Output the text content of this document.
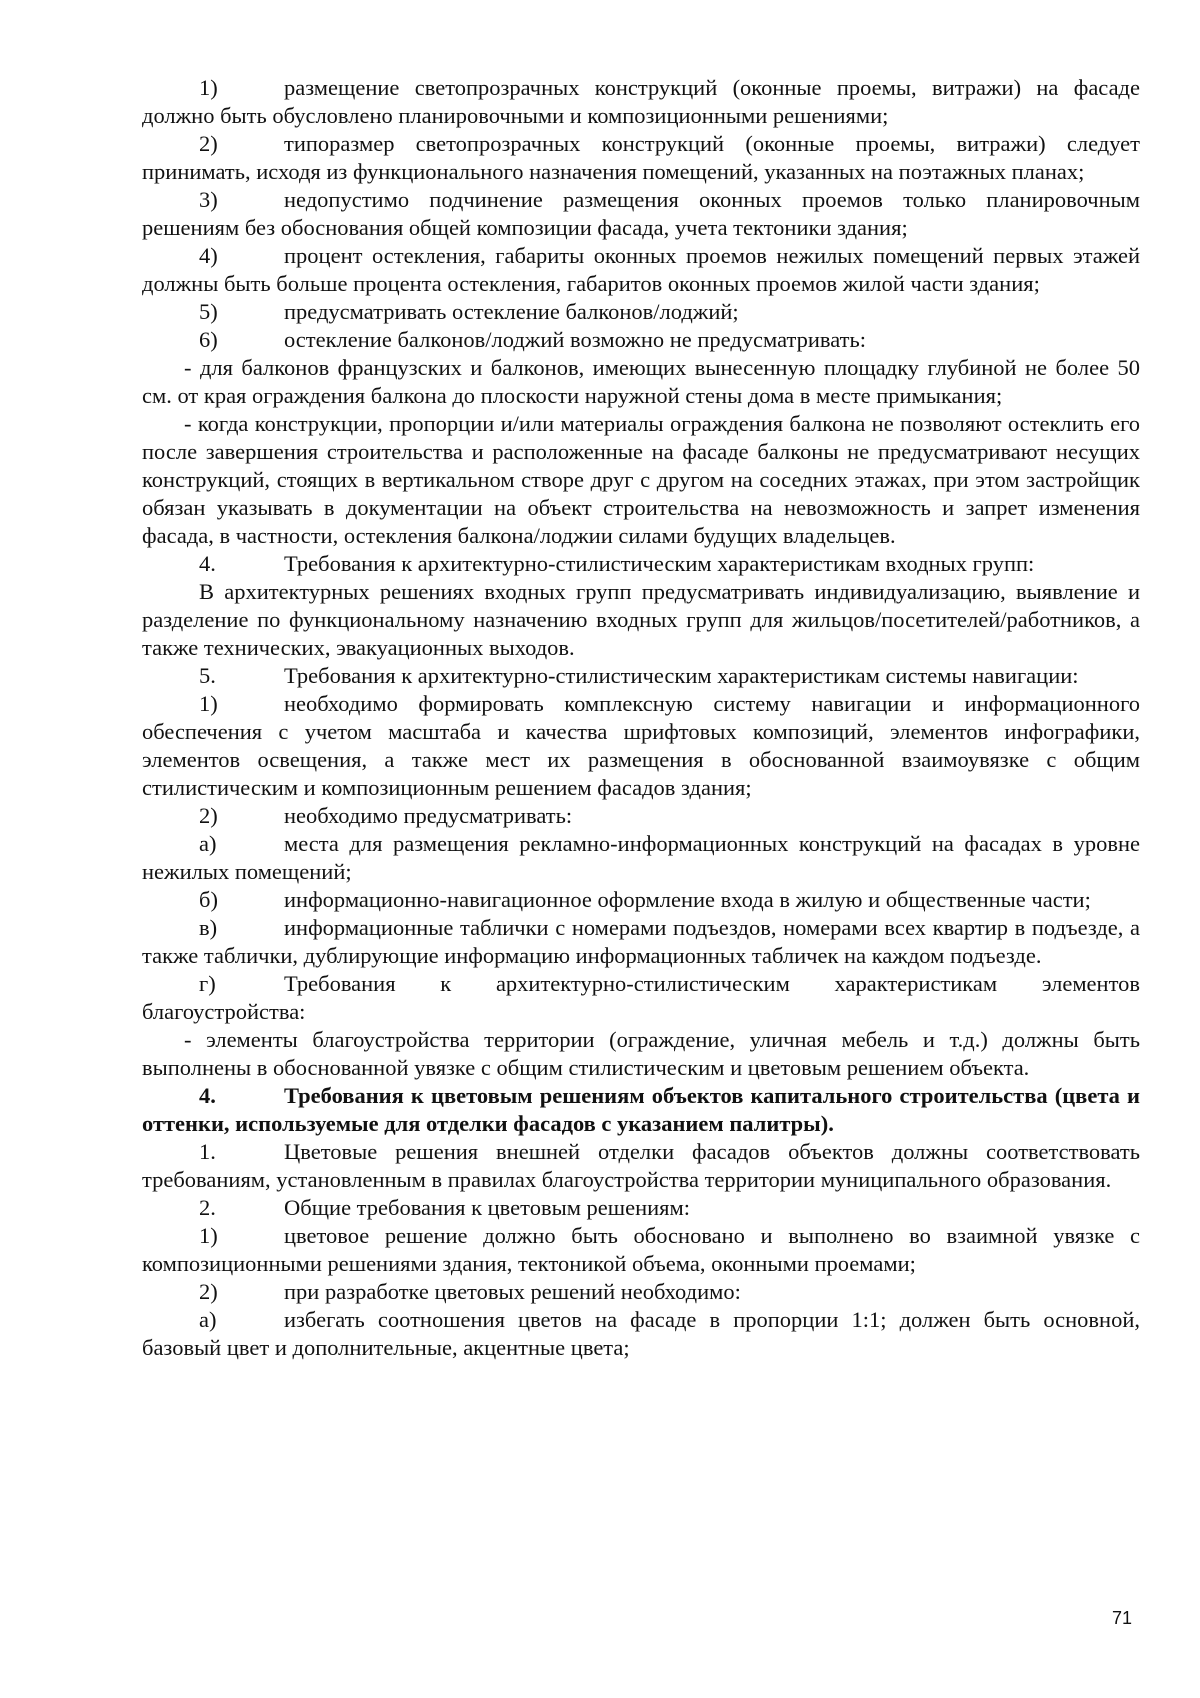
1)	размещение светопрозрачных конструкций (оконные проемы, витражи) на фасаде должно быть обусловлено планировочными и композиционными решениями;

2)	типоразмер светопрозрачных конструкций (оконные проемы, витражи) следует принимать, исходя из функционального назначения помещений, указанных на поэтажных планах;

3)	недопустимо подчинение размещения оконных проемов только планировочным решениям без обоснования общей композиции фасада, учета тектоники здания;

4)	процент остекления, габариты оконных проемов нежилых помещений первых этажей должны быть больше процента остекления, габаритов оконных проемов жилой части здания;

5)	предусматривать остекление балконов/лоджий;

6)	остекление балконов/лоджий возможно не предусматривать:

- для балконов французских и балконов, имеющих вынесенную площадку глубиной не более 50 см. от края ограждения балкона до плоскости наружной стены дома в месте примыкания;

- когда конструкции, пропорции и/или материалы ограждения балкона не позволяют остеклить его после завершения строительства и расположенные на фасаде балконы не предусматривают несущих конструкций, стоящих в вертикальном створе друг с другом на соседних этажах, при этом застройщик обязан указывать в документации на объект строительства на невозможность и запрет изменения фасада, в частности, остекления балкона/лоджии силами будущих владельцев.

4.	Требования к архитектурно-стилистическим характеристикам входных групп:

В архитектурных решениях входных групп предусматривать индивидуализацию, выявление и разделение по функциональному назначению входных групп для жильцов/посетителей/работников, а также технических, эвакуационных выходов.

5.	Требования к архитектурно-стилистическим характеристикам системы навигации:

1)	необходимо формировать комплексную систему навигации и информационного обеспечения с учетом масштаба и качества шрифтовых композиций, элементов инфографики, элементов освещения, а также мест их размещения в обоснованной взаимоувязке с общим стилистическим и композиционным решением фасадов здания;

2)	необходимо предусматривать:

а)	места для размещения рекламно-информационных конструкций на фасадах в уровне нежилых помещений;

б)	информационно-навигационное оформление входа в жилую и общественные части;

в)	информационные таблички с номерами подъездов, номерами всех квартир в подъезде, а также таблички, дублирующие информацию информационных табличек на каждом подъезде.

г)	Требования к архитектурно-стилистическим характеристикам элементов благоустройства:

- элементы благоустройства территории (ограждение, уличная мебель и т.д.) должны быть выполнены в обоснованной увязке с общим стилистическим и цветовым решением объекта.

4.	Требования к цветовым решениям объектов капитального строительства (цвета и оттенки, используемые для отделки фасадов с указанием палитры).

1.	Цветовые решения внешней отделки фасадов объектов должны соответствовать требованиям, установленным в правилах благоустройства территории муниципального образования.

2.	Общие требования к цветовым решениям:

1)	цветовое решение должно быть обосновано и выполнено во взаимной увязке с композиционными решениями здания, тектоникой объема, оконными проемами;

2)	при разработке цветовых решений необходимо:

а)	избегать соотношения цветов на фасаде в пропорции 1:1; должен быть основной, базовый цвет и дополнительные, акцентные цвета;

71
